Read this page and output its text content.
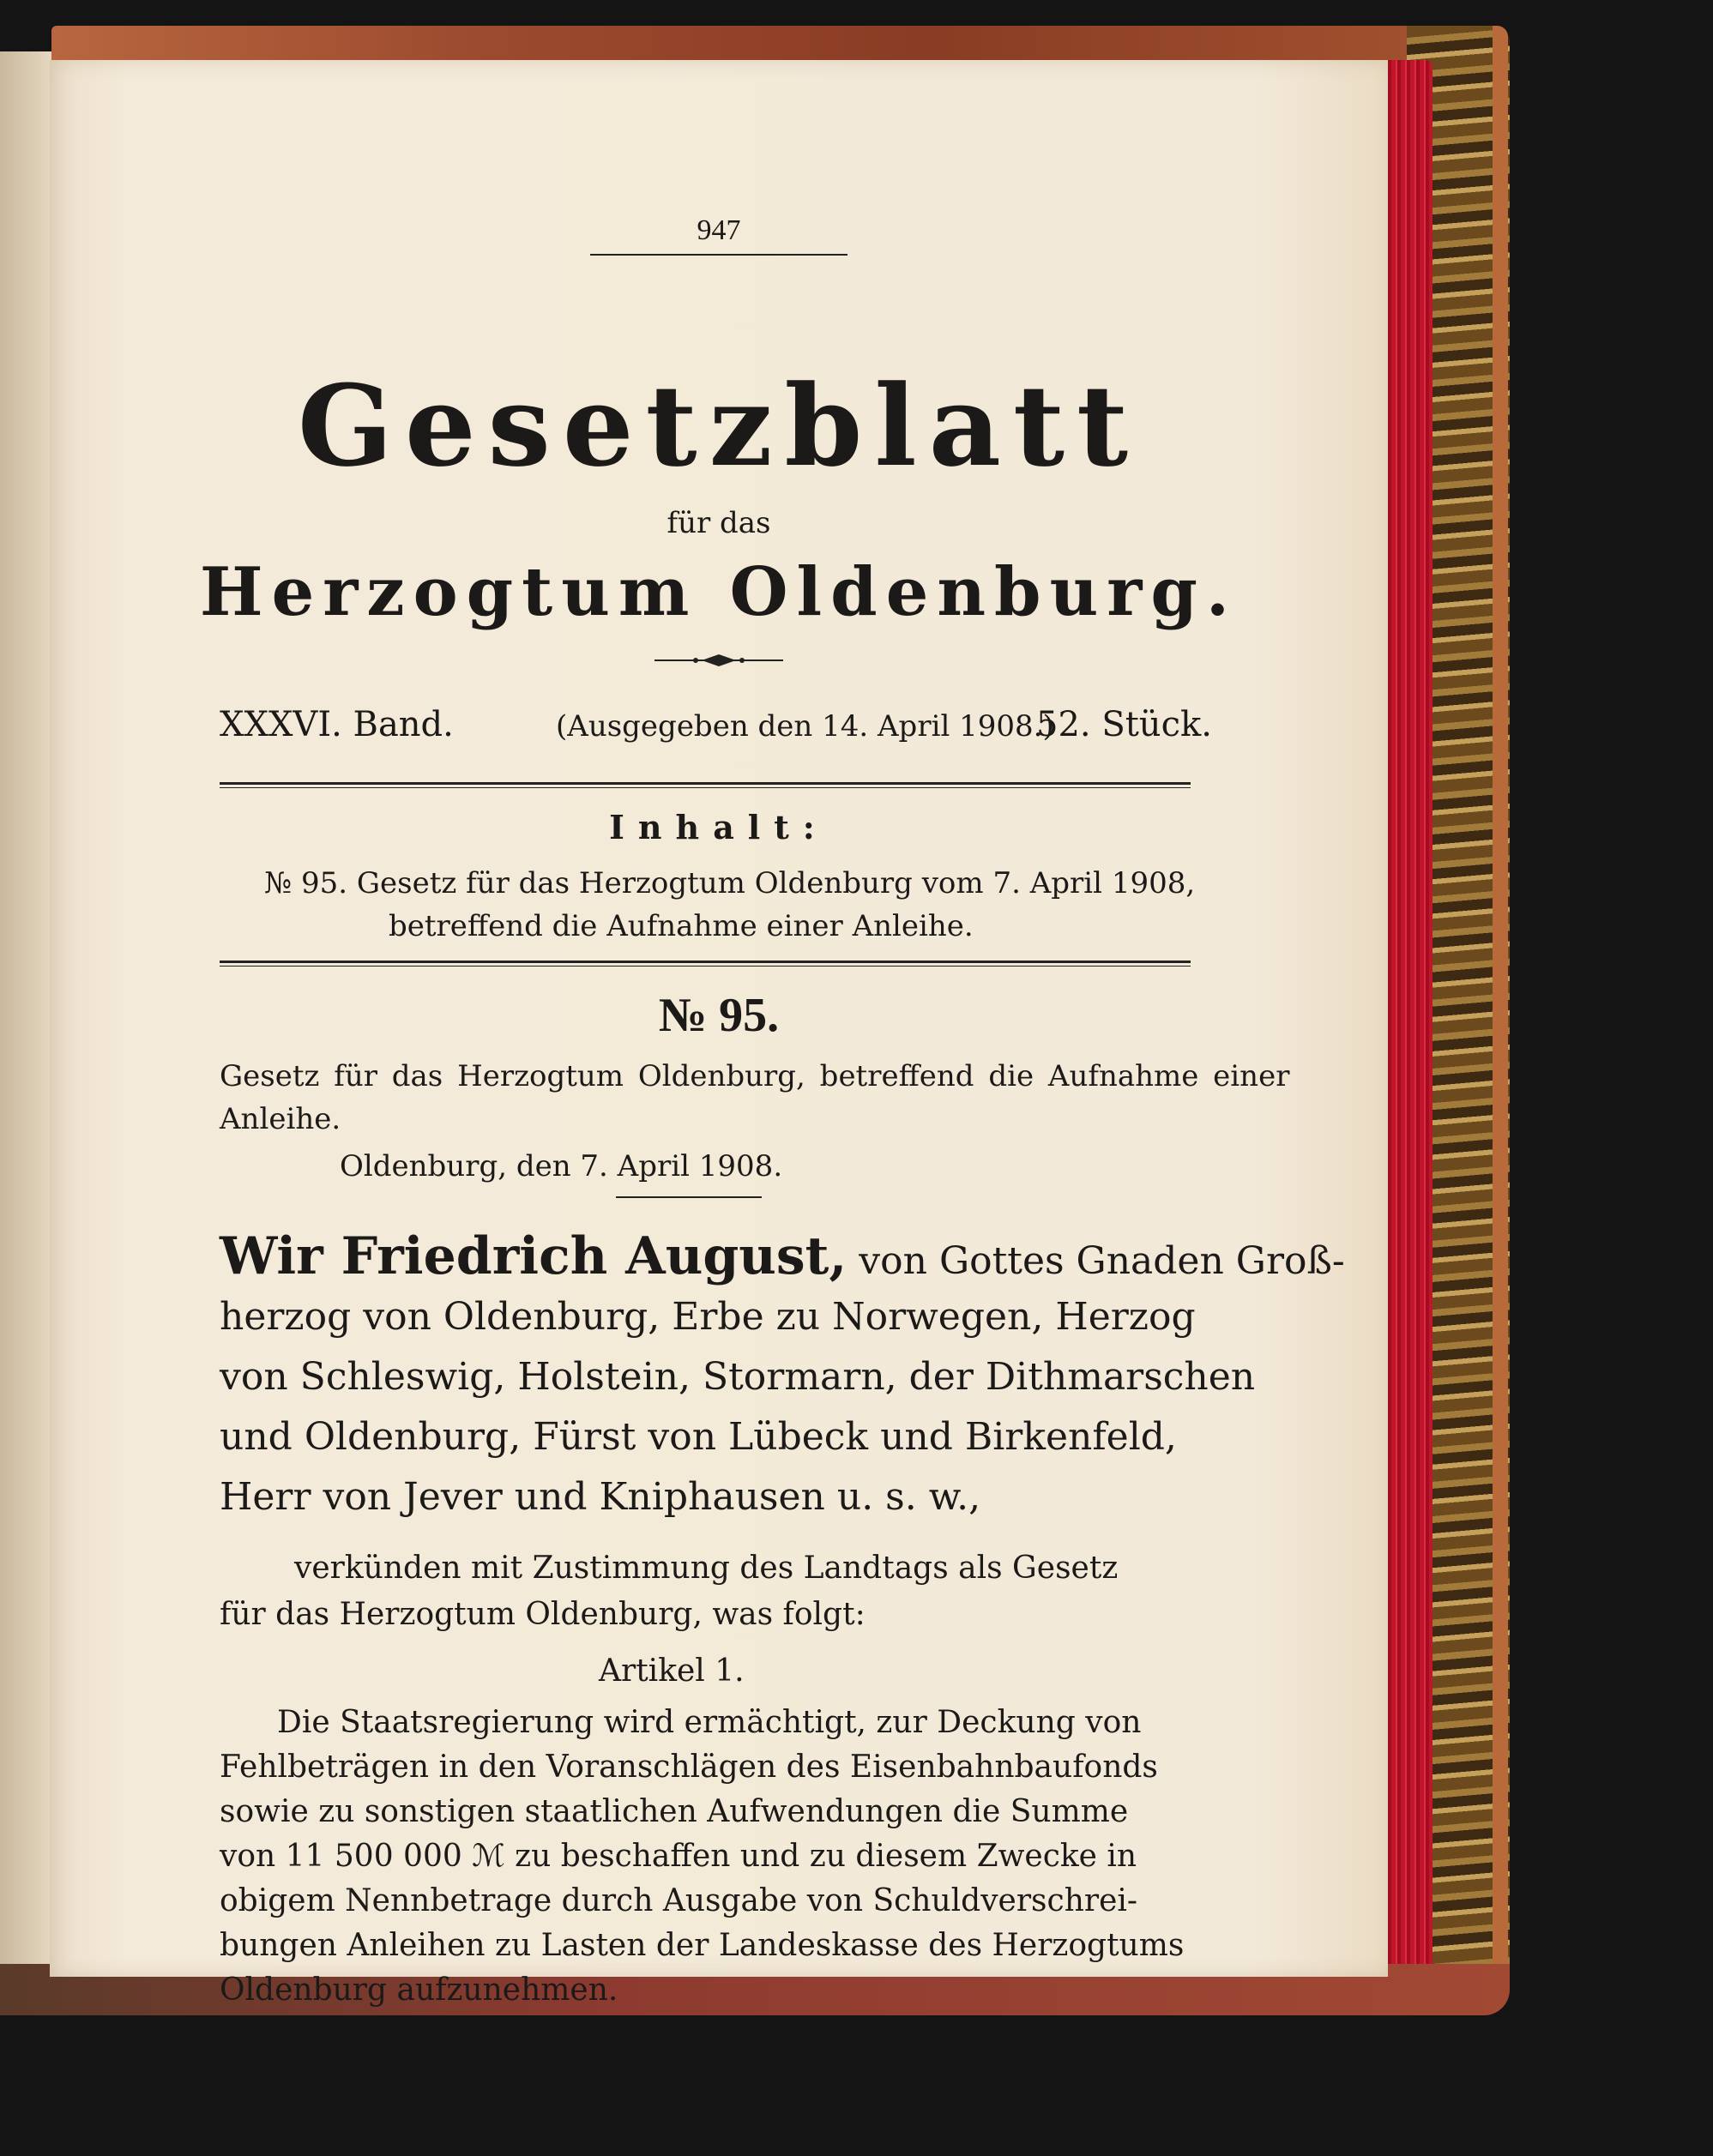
947
Gesetzblatt
für das
Herzogtum Oldenburg.
XXXVI. Band.	(Ausgegeben den 14. April 1908.)
52. Stück.
Inhalt:
№ 95. Gesetz für das Herzogtum Oldenburg vom 7. April 1908,
betreffend die Aufnahme einer Anleihe.
№ 95.
Gesetz für das Herzogtum Oldenburg, betreffend die Aufnahme einer
Anleihe.
Oldenburg, den 7. April 1908.
Wir Friedrich August, von Gottes Gnaden Groß-
herzog von Oldenburg, Erbe zu Norwegen, Herzog
von Schleswig, Holstein, Stormarn, der Dithmarschen
und Oldenburg, Fürst von Lübeck und Birkenfeld,
Herr von Jever und Kniphausen u. s. w.,
verkünden mit Zustimmung des Landtags als Gesetz
für das Herzogtum Oldenburg, was folgt:
Artikel 1.
Die Staatsregierung wird ermächtigt, zur Deckung von
Fehlbeträgen in den Voranschlägen des Eisenbahnbaufonds
sowie zu sonstigen staatlichen Aufwendungen die Summe
von 11 500 000 ℳ zu beschaffen und zu diesem Zwecke in
obigem Nennbetrage durch Ausgabe von Schuldverschrei-
bungen Anleihen zu Lasten der Landeskasse des Herzogtums
Oldenburg aufzunehmen.
